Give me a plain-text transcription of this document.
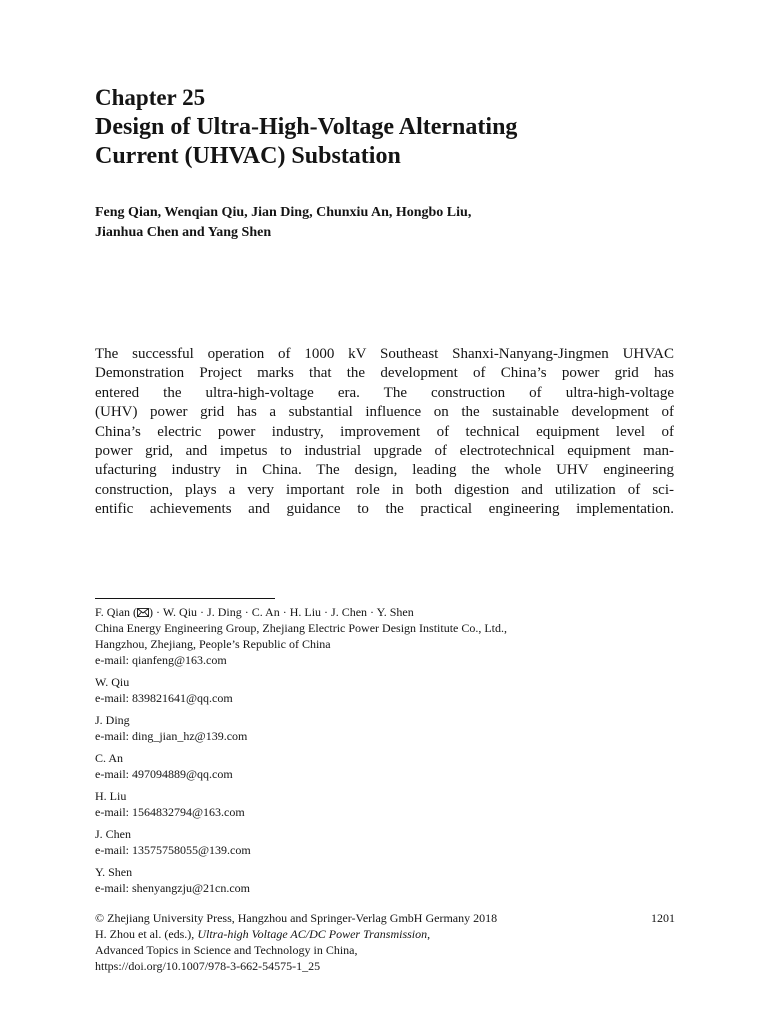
Chapter 25
Design of Ultra-High-Voltage Alternating
Current (UHVAC) Substation
Feng Qian, Wenqian Qiu, Jian Ding, Chunxiu An, Hongbo Liu,
Jianhua Chen and Yang Shen
The successful operation of 1000 kV Southeast Shanxi-Nanyang-Jingmen UHVAC
Demonstration Project marks that the development of China’s power grid has
entered the ultra-high-voltage era. The construction of ultra-high-voltage
(UHV) power grid has a substantial influence on the sustainable development of
China’s electric power industry, improvement of technical equipment level of
power grid, and impetus to industrial upgrade of electrotechnical equipment man-
ufacturing industry in China. The design, leading the whole UHV engineering
construction, plays a very important role in both digestion and utilization of sci-
entific achievements and guidance to the practical engineering implementation.
F. Qian ( ) · W. Qiu · J. Ding · C. An · H. Liu · J. Chen · Y. Shen
China Energy Engineering Group, Zhejiang Electric Power Design Institute Co., Ltd.,
Hangzhou, Zhejiang, People’s Republic of China
e-mail: qianfeng@163.com
W. Qiu
e-mail: 839821641@qq.com
J. Ding
e-mail: ding_jian_hz@139.com
C. An
e-mail: 497094889@qq.com
H. Liu
e-mail: 1564832794@163.com
J. Chen
e-mail: 13575758055@139.com
Y. Shen
e-mail: shenyangzju@21cn.com
© Zhejiang University Press, Hangzhou and Springer-Verlag GmbH Germany 2018	1201
H. Zhou et al. (eds.), Ultra-high Voltage AC/DC Power Transmission,
Advanced Topics in Science and Technology in China,
https://doi.org/10.1007/978-3-662-54575-1_25
